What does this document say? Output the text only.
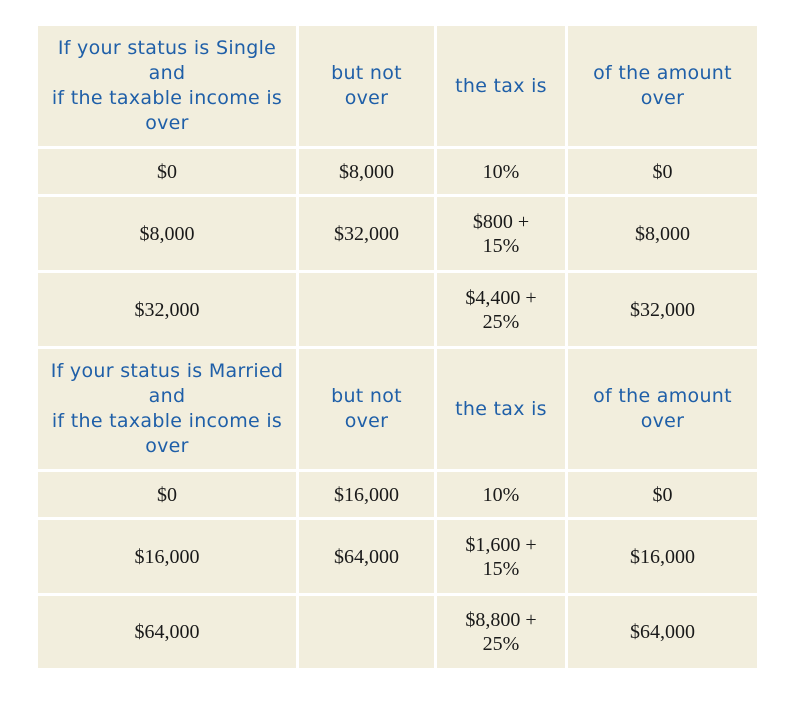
If your status is Single and
if the taxable income is over	but not over	the tax is	of the amount over
$0	$8,000	10%	$0
$8,000	$32,000	$800 + 15%	$8,000
$32,000		$4,400 + 25%	$32,000
If your status is Married and
if the taxable income is over	but not over	the tax is	of the amount over
$0	$16,000	10%	$0
$16,000	$64,000	$1,600 + 15%	$16,000
$64,000		$8,800 + 25%	$64,000
